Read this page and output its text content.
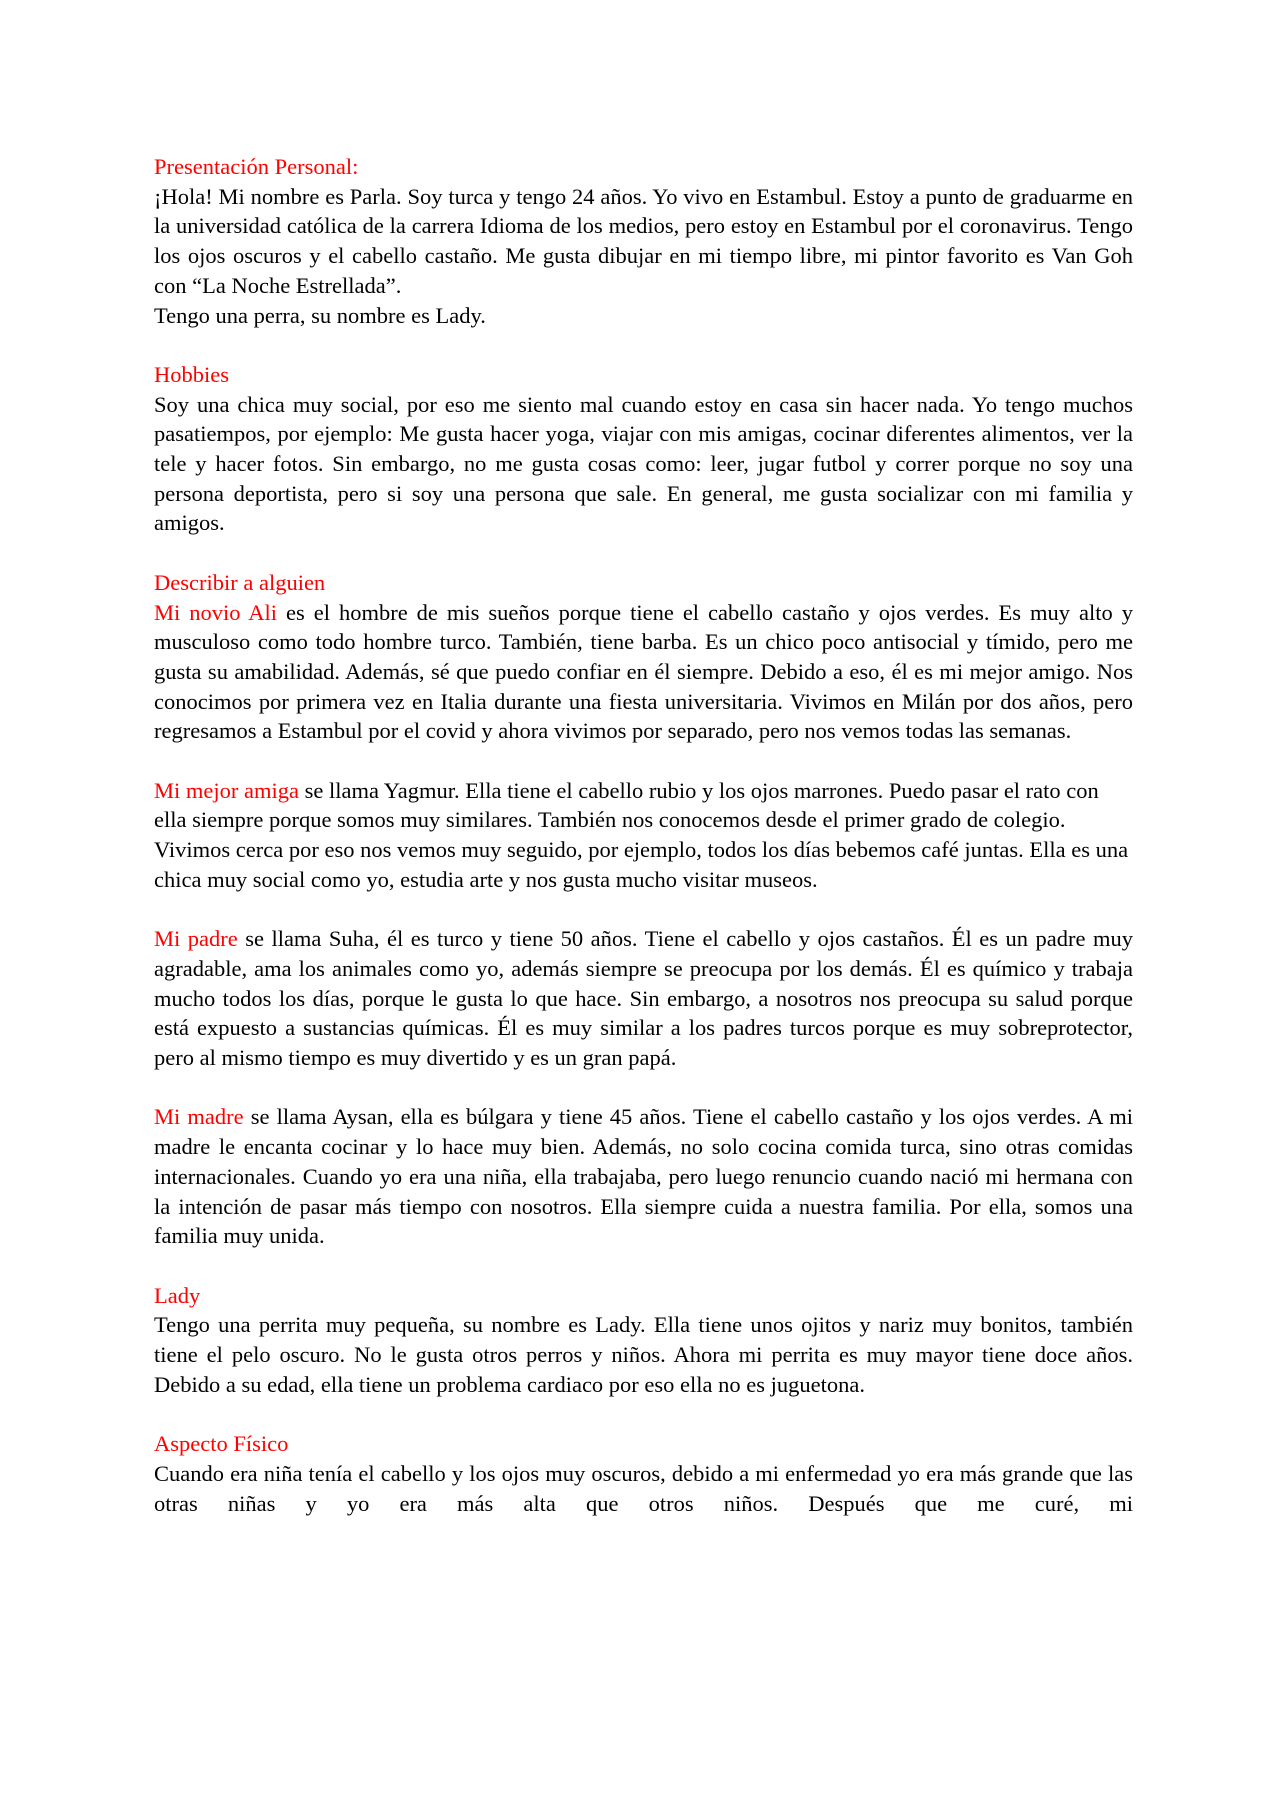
Presentación Personal:

¡Hola! Mi nombre es Parla. Soy turca y tengo 24 años. Yo vivo en Estambul. Estoy a punto de graduarme en la universidad católica de la carrera Idioma de los medios, pero estoy en Estambul por el coronavirus. Tengo los ojos oscuros y el cabello castaño. Me gusta dibujar en mi tiempo libre, mi pintor favorito es Van Goh con “La Noche Estrellada”.

Tengo una perra, su nombre es Lady.

Hobbies

Soy una chica muy social, por eso me siento mal cuando estoy en casa sin hacer nada. Yo tengo muchos pasatiempos, por ejemplo: Me gusta hacer yoga, viajar con mis amigas, cocinar diferentes alimentos, ver la tele y hacer fotos. Sin embargo, no me gusta cosas como: leer, jugar futbol y correr porque no soy una persona deportista, pero si soy una persona que sale. En general, me gusta socializar con mi familia y amigos.

Describir a alguien

Mi novio Ali es el hombre de mis sueños porque tiene el cabello castaño y ojos verdes. Es muy alto y musculoso como todo hombre turco. También, tiene barba. Es un chico poco antisocial y tímido, pero me gusta su amabilidad. Además, sé que puedo confiar en él siempre. Debido a eso, él es mi mejor amigo. Nos conocimos por primera vez en Italia durante una fiesta universitaria. Vivimos en Milán por dos años, pero regresamos a Estambul por el covid y ahora vivimos por separado, pero nos vemos todas las semanas.

Mi mejor amiga se llama Yagmur. Ella tiene el cabello rubio y los ojos marrones. Puedo pasar el rato con ella siempre porque somos muy similares. También nos conocemos desde el primer grado de colegio. Vivimos cerca por eso nos vemos muy seguido, por ejemplo, todos los días bebemos café juntas. Ella es una chica muy social como yo, estudia arte y nos gusta mucho visitar museos.

Mi padre se llama Suha, él es turco y tiene 50 años. Tiene el cabello y ojos castaños. Él es un padre muy agradable, ama los animales como yo, además siempre se preocupa por los demás. Él es químico y trabaja mucho todos los días, porque le gusta lo que hace. Sin embargo, a nosotros nos preocupa su salud porque está expuesto a sustancias químicas. Él es muy similar a los padres turcos porque es muy sobreprotector, pero al mismo tiempo es muy divertido y es un gran papá.

Mi madre se llama Aysan, ella es búlgara y tiene 45 años. Tiene el cabello castaño y los ojos verdes. A mi madre le encanta cocinar y lo hace muy bien. Además, no solo cocina comida turca, sino otras comidas internacionales. Cuando yo era una niña, ella trabajaba, pero luego renuncio cuando nació mi hermana con la intención de pasar más tiempo con nosotros. Ella siempre cuida a nuestra familia. Por ella, somos una familia muy unida.

Lady

Tengo una perrita muy pequeña, su nombre es Lady. Ella tiene unos ojitos y nariz muy bonitos, también tiene el pelo oscuro. No le gusta otros perros y niños. Ahora mi perrita es muy mayor tiene doce años. Debido a su edad, ella tiene un problema cardiaco por eso ella no es juguetona.

Aspecto Físico

Cuando era niña tenía el cabello y los ojos muy oscuros, debido a mi enfermedad yo era más grande que las otras niñas y yo era más alta que otros niños. Después que me curé, mi
